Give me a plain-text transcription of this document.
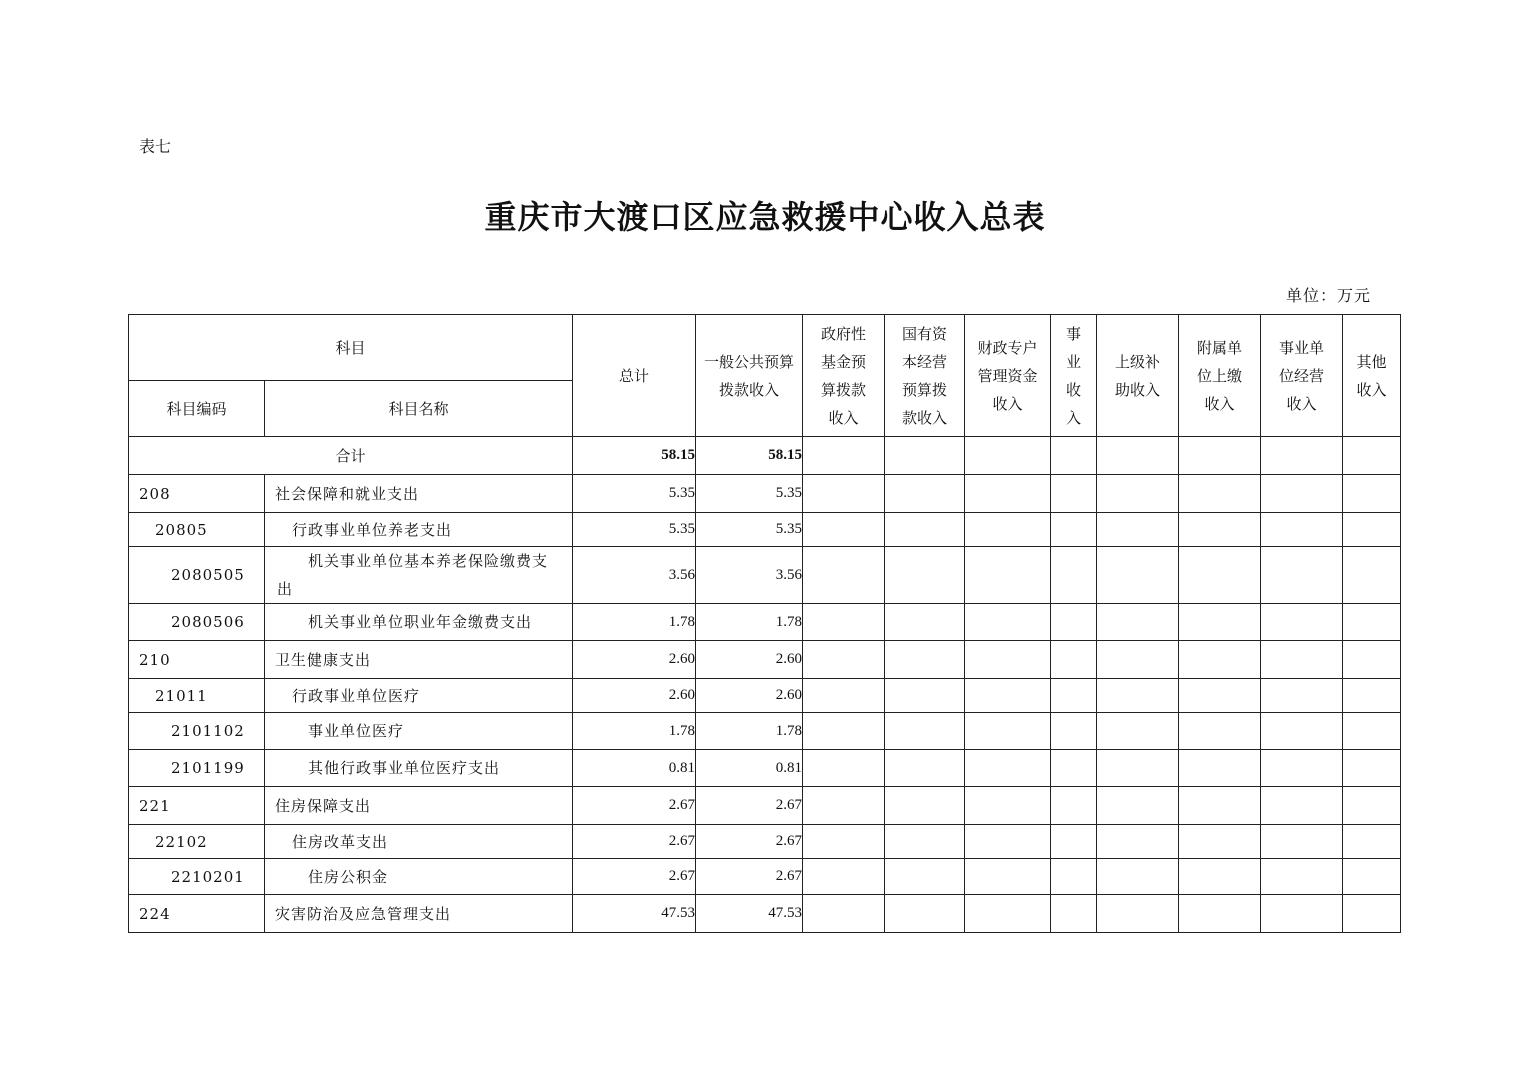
表七
重庆市大渡口区应急救援中心收入总表
单位：万元
科目		总计	一般公共预算拨款收入	政府性基金预算拨款收入	国有资本经营预算拨款收入	财政专户管理资金收入	事业收入	上级补助收入	附属单位上缴收入	事业单位经营收入	其他收入
科目编码	科目名称										
合计		58.15	58.15								
208	社会保障和就业支出	5.35	5.35								
20805	行政事业单位养老支出	5.35	5.35								
2080505	机关事业单位基本养老保险缴费支出	3.56	3.56								
2080506	机关事业单位职业年金缴费支出	1.78	1.78								
210	卫生健康支出	2.60	2.60								
21011	行政事业单位医疗	2.60	2.60								
2101102	事业单位医疗	1.78	1.78								
2101199	其他行政事业单位医疗支出	0.81	0.81								
221	住房保障支出	2.67	2.67								
22102	住房改革支出	2.67	2.67								
2210201	住房公积金	2.67	2.67								
224	灾害防治及应急管理支出	47.53	47.53								
